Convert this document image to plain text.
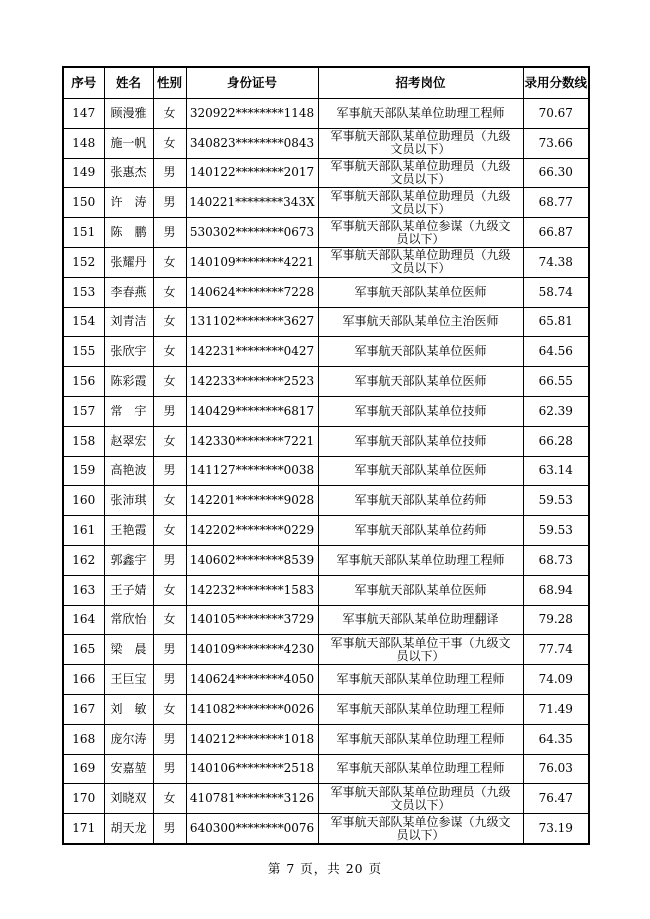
序号	姓名	性别	身份证号	招考岗位	录用分数线
147	顾漫雅	女	320922********1148	军事航天部队某单位助理工程师	70.67
148	施一帆	女	340823********0843	军事航天部队某单位助理员（九级文员以下）	73.66
149	张惠杰	男	140122********2017	军事航天部队某单位助理员（九级文员以下）	66.30
150	许　涛	男	140221********343X	军事航天部队某单位助理员（九级文员以下）	68.77
151	陈　鹏	男	530302********0673	军事航天部队某单位参谋（九级文员以下）	66.87
152	张耀丹	女	140109********4221	军事航天部队某单位助理员（九级文员以下）	74.38
153	李春燕	女	140624********7228	军事航天部队某单位医师	58.74
154	刘青洁	女	131102********3627	军事航天部队某单位主治医师	65.81
155	张欣宇	女	142231********0427	军事航天部队某单位医师	64.56
156	陈彩霞	女	142233********2523	军事航天部队某单位医师	66.55
157	常　宇	男	140429********6817	军事航天部队某单位技师	62.39
158	赵翠宏	女	142330********7221	军事航天部队某单位技师	66.28
159	高艳波	男	141127********0038	军事航天部队某单位医师	63.14
160	张沛琪	女	142201********9028	军事航天部队某单位药师	59.53
161	王艳霞	女	142202********0229	军事航天部队某单位药师	59.53
162	郭鑫宇	男	140602********8539	军事航天部队某单位助理工程师	68.73
163	王子婧	女	142232********1583	军事航天部队某单位医师	68.94
164	常欣怡	女	140105********3729	军事航天部队某单位助理翻译	79.28
165	梁　晨	男	140109********4230	军事航天部队某单位干事（九级文员以下）	77.74
166	王巨宝	男	140624********4050	军事航天部队某单位助理工程师	74.09
167	刘　敏	女	141082********0026	军事航天部队某单位助理工程师	71.49
168	庞尔涛	男	140212********1018	军事航天部队某单位助理工程师	64.35
169	安嘉堃	男	140106********2518	军事航天部队某单位助理工程师	76.03
170	刘晓双	女	410781********3126	军事航天部队某单位助理员（九级文员以下）	76.47
171	胡天龙	男	640300********0076	军事航天部队某单位参谋（九级文员以下）	73.19
第 7 页，共 20 页
